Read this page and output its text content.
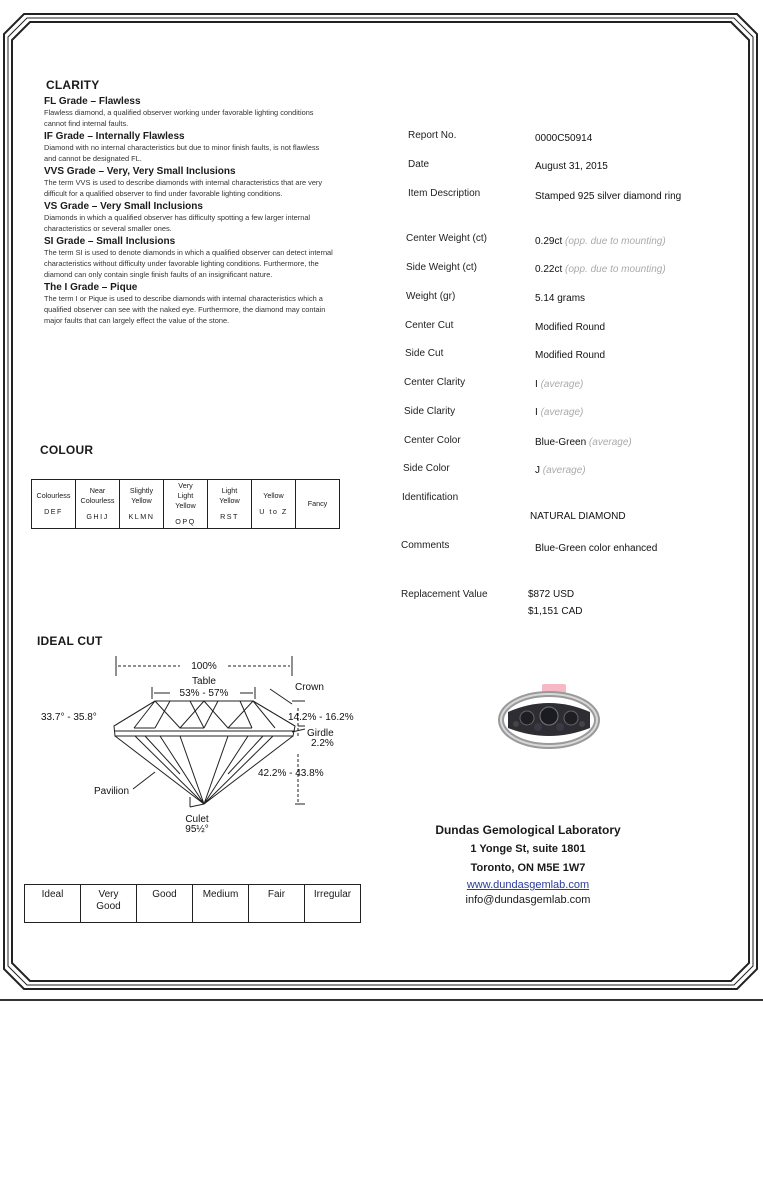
CLARITY
FL Grade – Flawless
Flawless diamond, a qualified observer working under favorable lighting conditions
cannot find internal faults.
IF Grade – Internally Flawless
Diamond with no internal characteristics but due to minor finish faults, is not flawless
and cannot be designated FL.
VVS Grade – Very, Very Small Inclusions
The term VVS is used to describe diamonds with internal characteristics that are very
difficult for a qualified observer to find under favorable lighting conditions.
VS Grade – Very Small Inclusions
Diamonds in which a qualified observer has difficulty spotting a few larger internal
characteristics or several smaller ones.
SI Grade – Small Inclusions
The term SI is used to denote diamonds in which a qualified observer can detect internal
characteristics without difficulty under favorable lighting conditions. Furthermore, the
diamond can only contain single finish faults of an insignificant nature.
The I Grade – Pique
The term I or Pique is used to describe diamonds with internal characteristics which a
qualified observer can see with the naked eye. Furthermore, the diamond may contain
major faults that can largely effect the value of the stone.
COLOUR
Colourless
DEF

Near
Colourless
GHIJ

Slightly
Yellow
KLMN

Very
Light
Yellow
OPQ

Light
Yellow
RST

Yellow
U to Z

Fancy
IDEAL CUT
100%
Table
53% - 57%
Crown
33.7° - 35.8°	14.2% - 16.2%
Girdle
2.2%
42.2% - 43.8%
Pavilion
Culet
95½°
Ideal	Very
Good

Good	Medium	Fair	Irregular
Report No.	0000C50914
Date	August 31, 2015
Item Description	Stamped 925 silver diamond ring
Center Weight (ct)	0.29ct (opp. due to mounting)
Side Weight (ct)	0.22ct (opp. due to mounting)
Weight (gr)	5.14 grams
Center Cut	Modified Round
Side Cut	Modified Round
Center Clarity	I (average)
Side Clarity	I (average)
Center Color	Blue-Green (average)
Side Color	J (average)
Identification
NATURAL DIAMOND
Comments	Blue-Green color enhanced
Replacement Value	$872 USD
$1,151 CAD
Dundas Gemological Laboratory
1 Yonge St, suite 1801
Toronto, ON M5E 1W7
www.dundasgemlab.com
info@dundasgemlab.com
